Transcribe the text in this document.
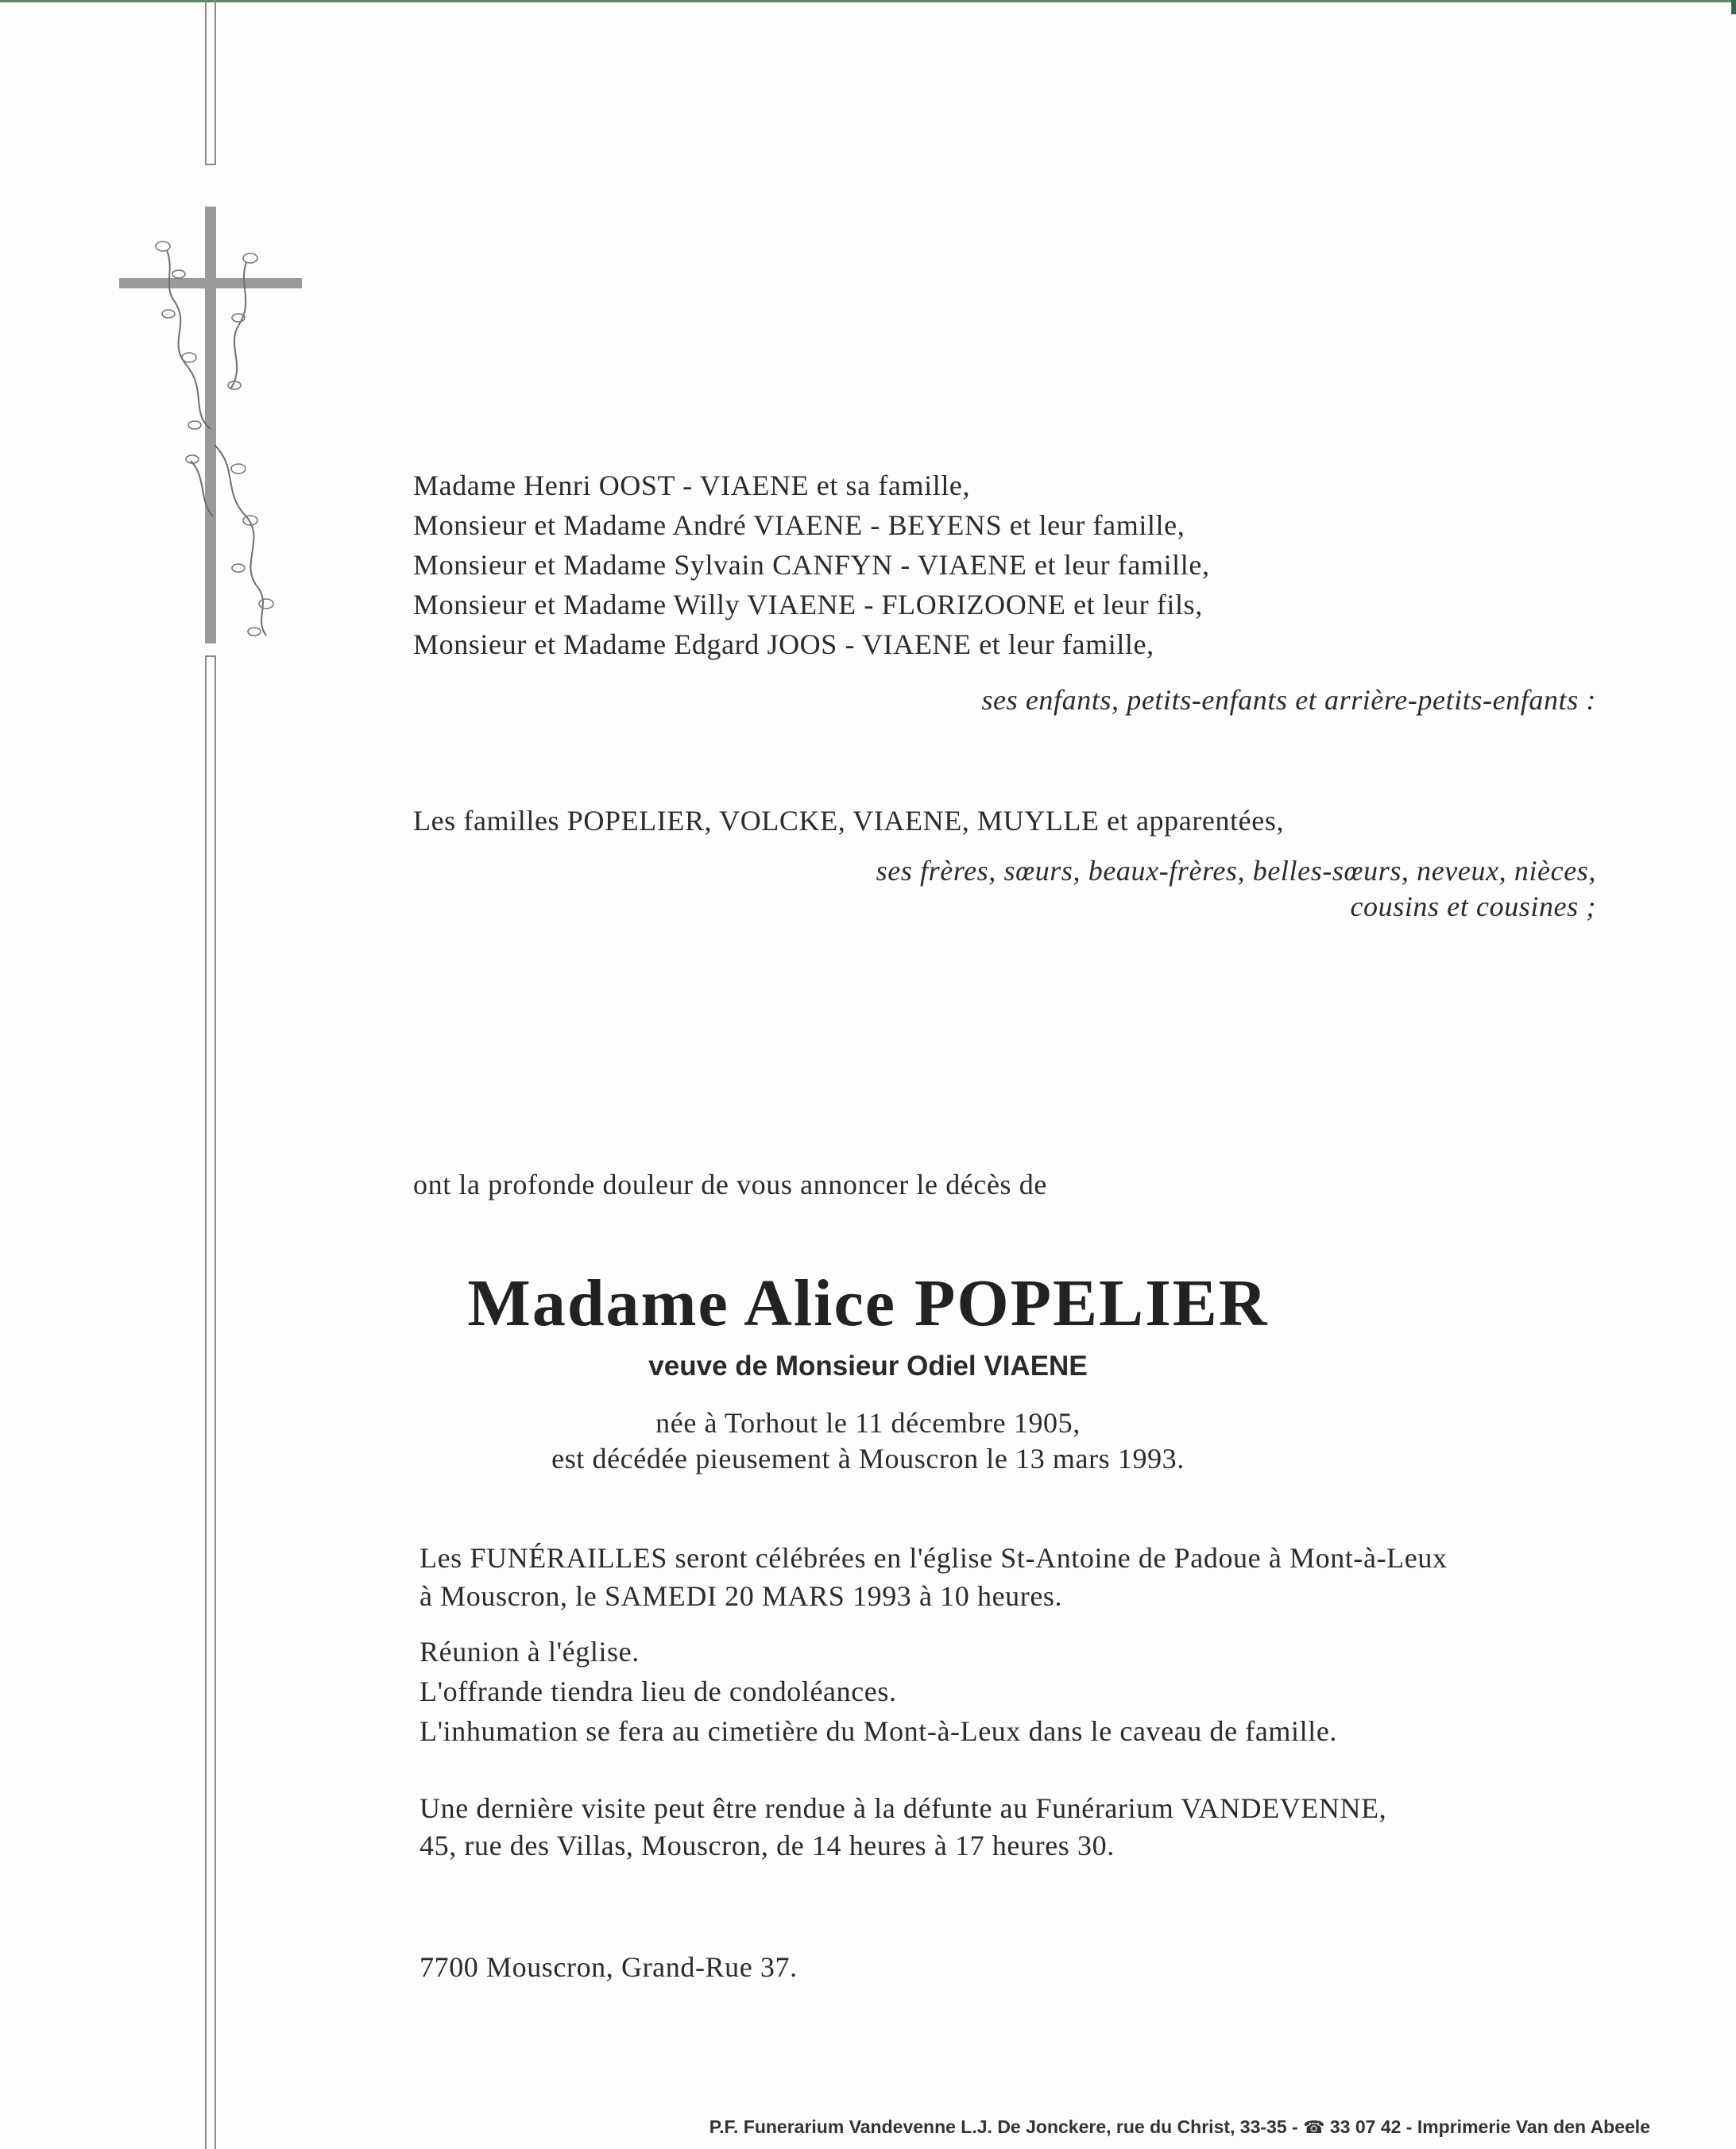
Madame Henri OOST - VIAENE et sa famille,
Monsieur et Madame André VIAENE - BEYENS et leur famille,
Monsieur et Madame Sylvain CANFYN - VIAENE et leur famille,
Monsieur et Madame Willy VIAENE - FLORIZOONE et leur fils,
Monsieur et Madame Edgard JOOS - VIAENE et leur famille,
ses enfants, petits-enfants et arrière-petits-enfants :
Les familles POPELIER, VOLCKE, VIAENE, MUYLLE et apparentées,
ses frères, sœurs, beaux-frères, belles-sœurs, neveux, nièces,
cousins et cousines ;
ont la profonde douleur de vous annoncer le décès de
Madame Alice POPELIER
veuve de Monsieur Odiel VIAENE
née à Torhout le 11 décembre 1905,
est décédée pieusement à Mouscron le 13 mars 1993.
Les FUNÉRAILLES seront célébrées en l'église St-Antoine de Padoue à Mont-à-Leux
à Mouscron, le SAMEDI 20 MARS 1993 à 10 heures.
Réunion à l'église.
L'offrande tiendra lieu de condoléances.
L'inhumation se fera au cimetière du Mont-à-Leux dans le caveau de famille.
Une dernière visite peut être rendue à la défunte au Funérarium VANDEVENNE,
45, rue des Villas, Mouscron, de 14 heures à 17 heures 30.
7700 Mouscron, Grand-Rue 37.
P.F. Funerarium Vandevenne L.J. De Jonckere, rue du Christ, 33-35 - ☎ 33 07 42 - Imprimerie Van den Abeele
